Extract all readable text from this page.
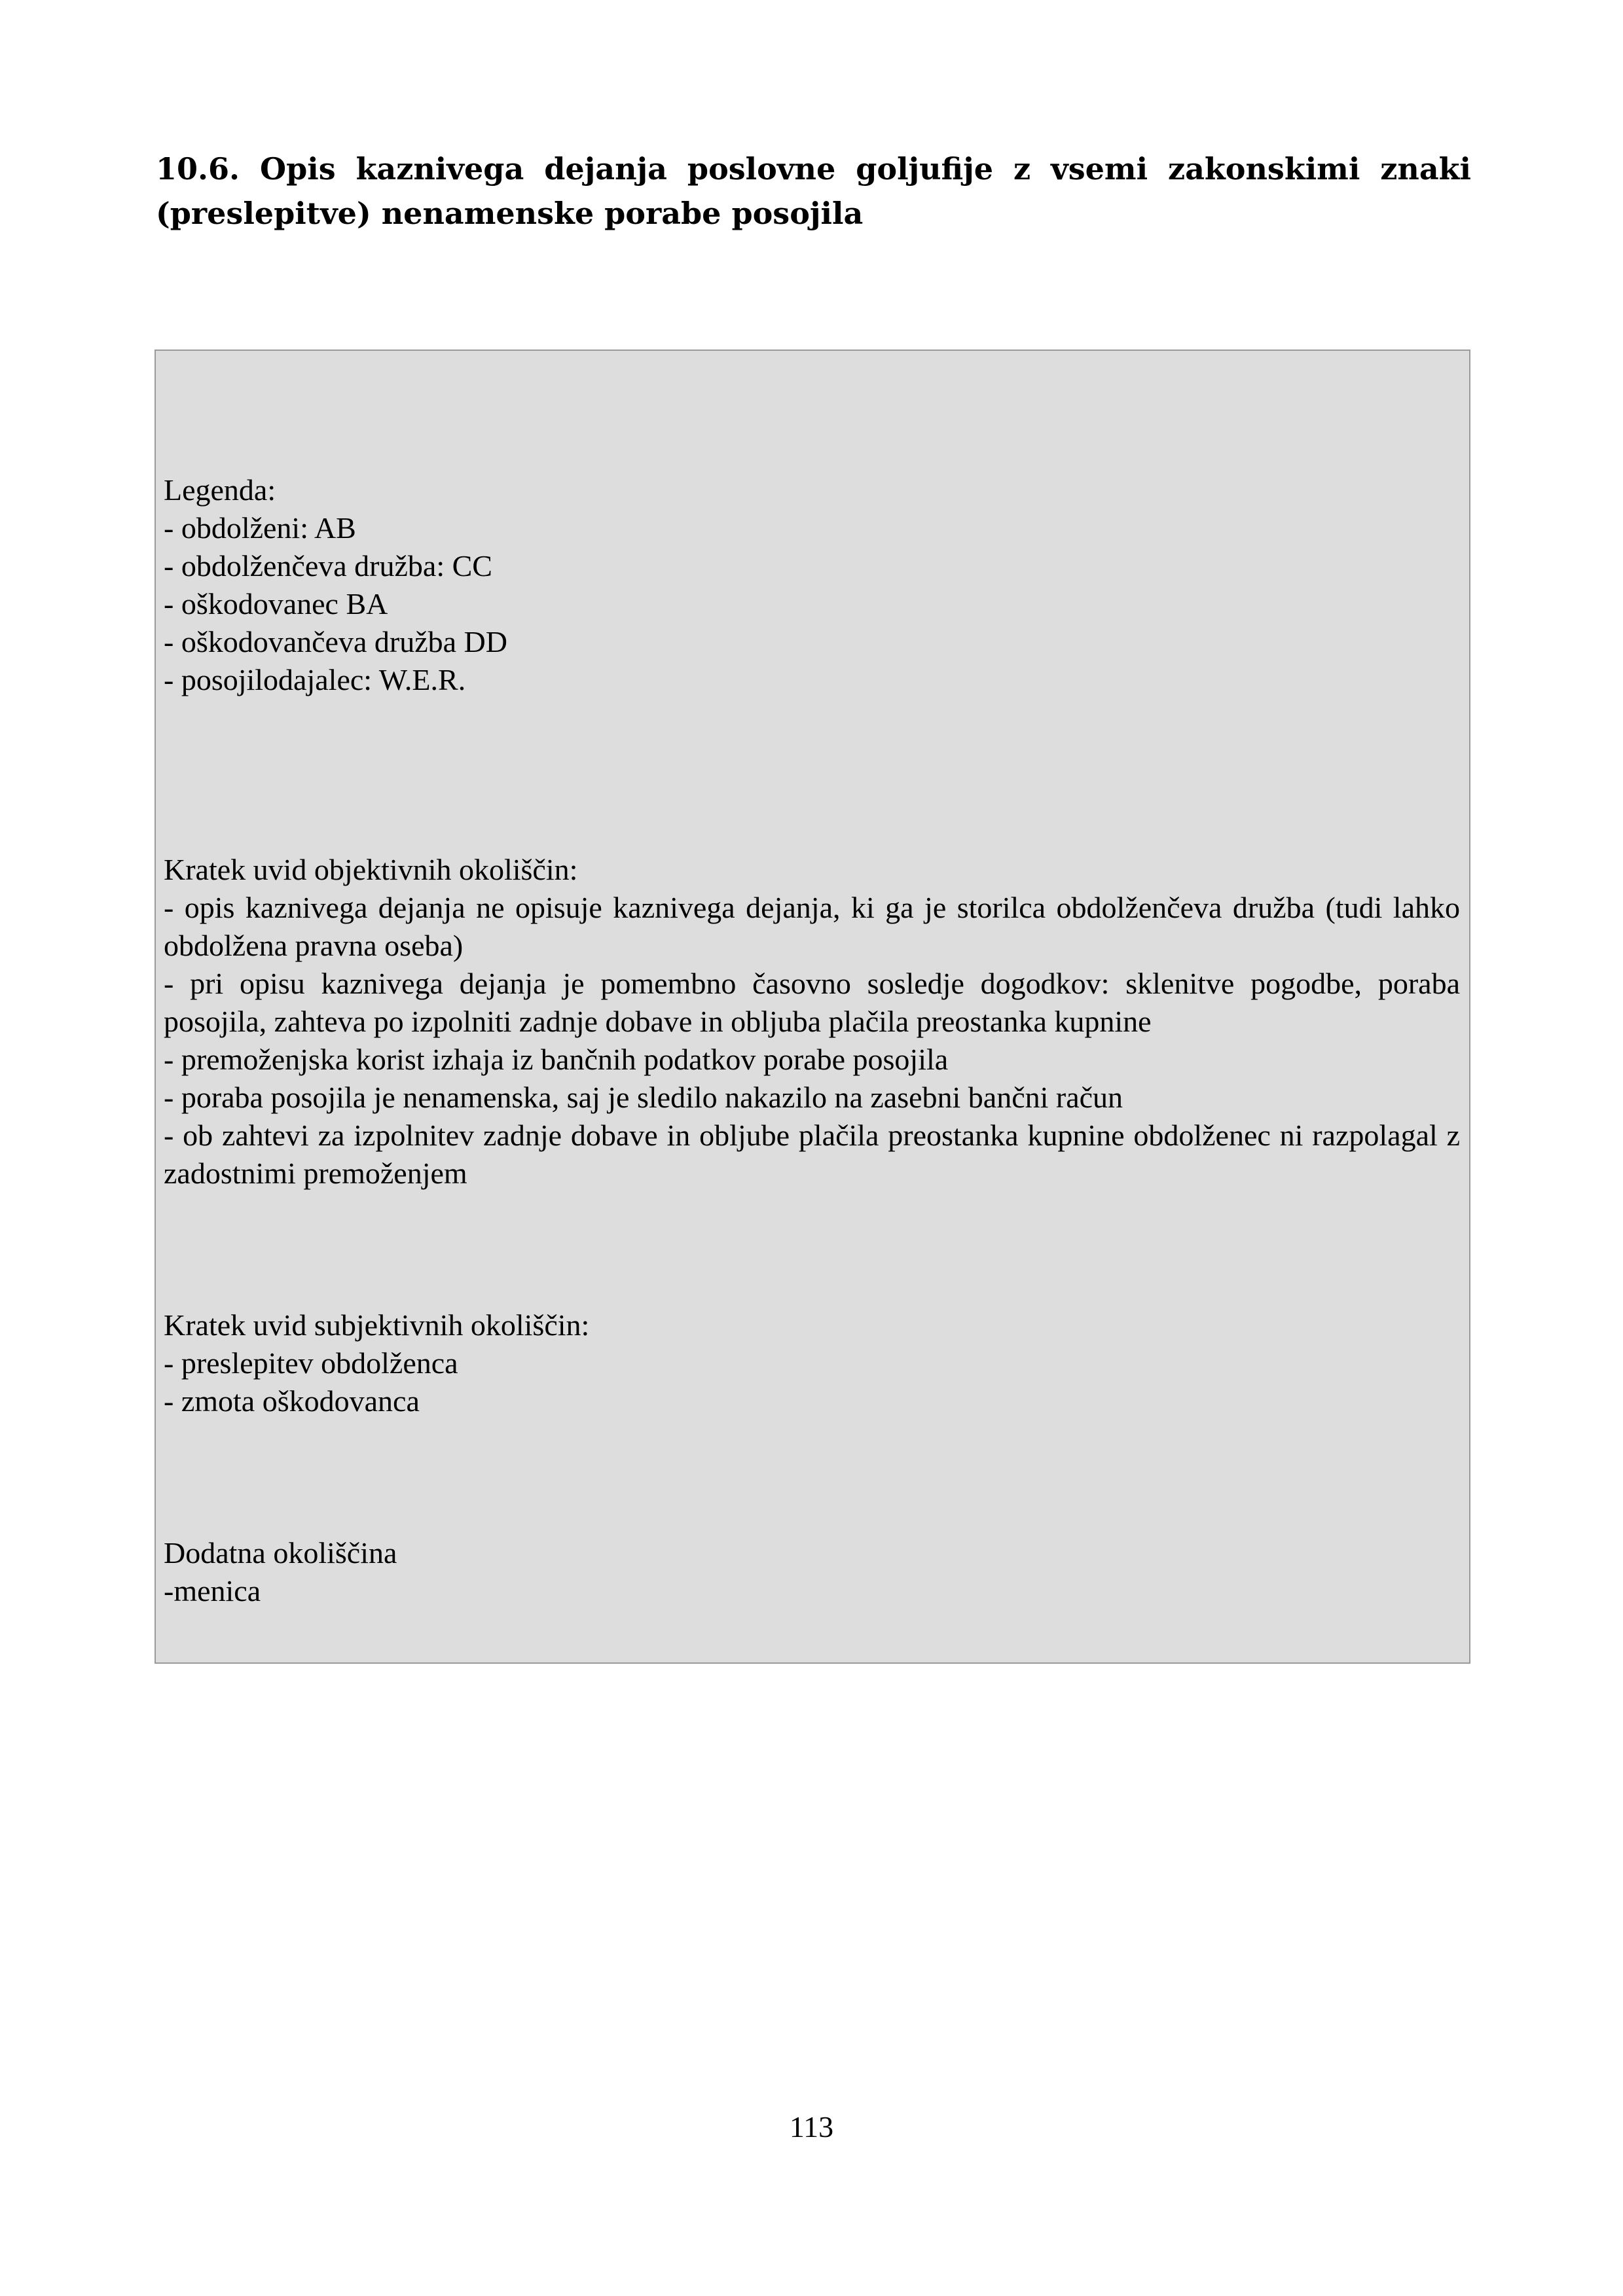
10.6. Opis kaznivega dejanja poslovne goljufije z vsemi zakonskimi znaki (preslepitve) nenamenske porabe posojila
Legenda:
- obdolženi: AB
- obdolženčeva družba: CC
- oškodovanec BA
- oškodovančeva družba DD
- posojilodajalec: W.E.R.
Kratek uvid objektivnih okoliščin:
- opis kaznivega dejanja ne opisuje kaznivega dejanja, ki ga je storilca obdolženčeva družba (tudi lahko obdolžena pravna oseba)
- pri opisu kaznivega dejanja je pomembno časovno sosledje dogodkov: sklenitve pogodbe, poraba posojila, zahteva po izpolniti zadnje dobave in obljuba plačila preostanka kupnine
- premoženjska korist izhaja iz bančnih podatkov porabe posojila
- poraba posojila je nenamenska, saj je sledilo nakazilo na zasebni bančni račun
- ob zahtevi za izpolnitev zadnje dobave in obljube plačila preostanka kupnine obdolženec ni razpolagal z zadostnimi premoženjem
Kratek uvid subjektivnih okoliščin:
- preslepitev obdolženca
- zmota oškodovanca
Dodatna okoliščina
-menica
113
